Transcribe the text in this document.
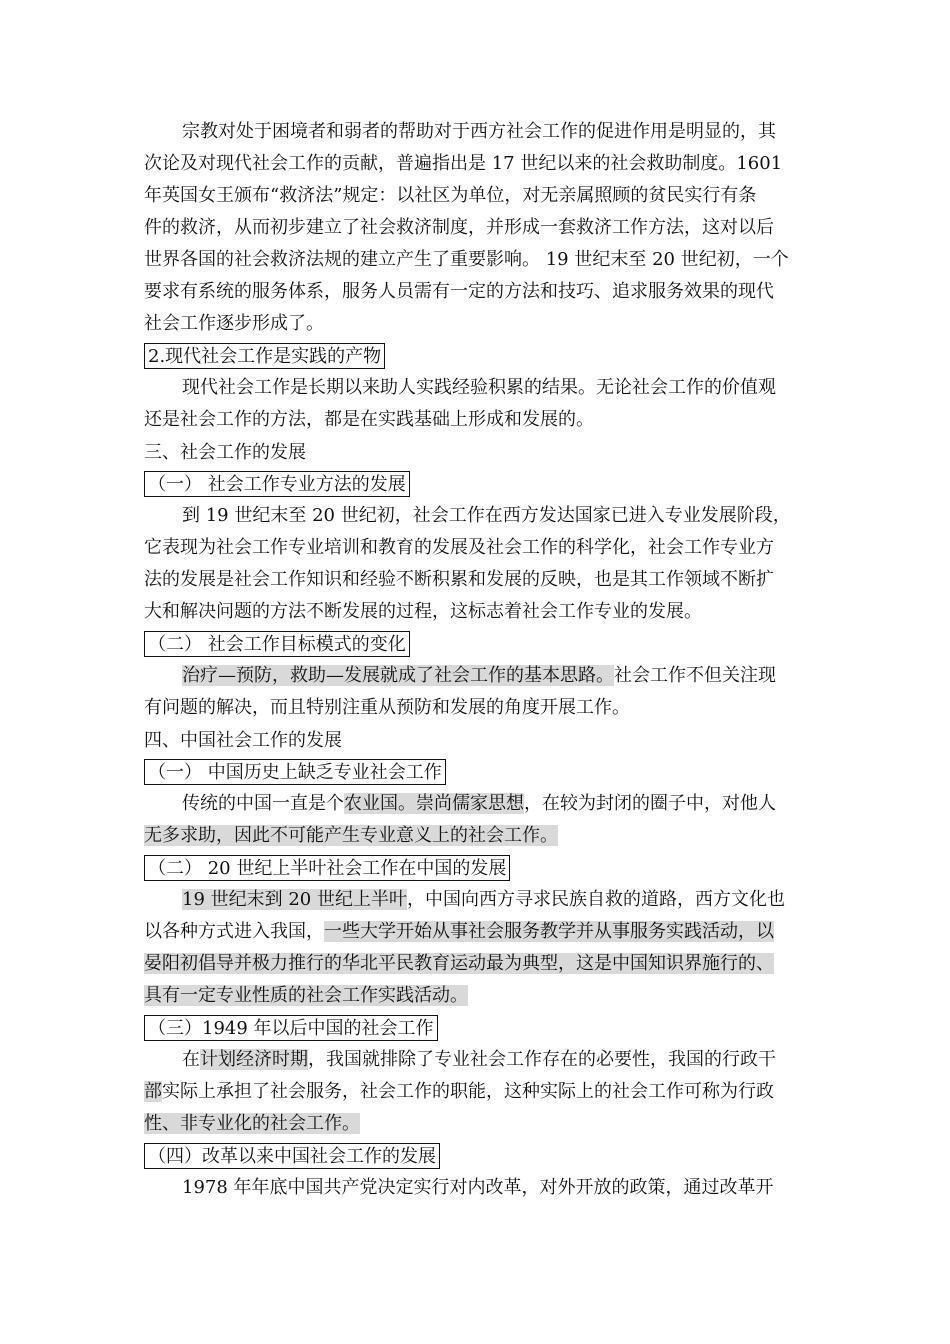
宗教对处于困境者和弱者的帮助对于西方社会工作的促进作用是明显的，其
次论及对现代社会工作的贡献，普遍指出是 17 世纪以来的社会救助制度。1601
年英国女王颁布“救济法”规定：以社区为单位，对无亲属照顾的贫民实行有条
件的救济，从而初步建立了社会救济制度，并形成一套救济工作方法，这对以后
世界各国的社会救济法规的建立产生了重要影响。 19 世纪末至 20 世纪初，一个
要求有系统的服务体系，服务人员需有一定的方法和技巧、追求服务效果的现代
社会工作逐步形成了。
2.现代社会工作是实践的产物
现代社会工作是长期以来助人实践经验积累的结果。无论社会工作的价值观
还是社会工作的方法，都是在实践基础上形成和发展的。
三、社会工作的发展
（一） 社会工作专业方法的发展
到 19 世纪末至 20 世纪初，社会工作在西方发达国家已进入专业发展阶段，
它表现为社会工作专业培训和教育的发展及社会工作的科学化，社会工作专业方
法的发展是社会工作知识和经验不断积累和发展的反映，也是其工作领域不断扩
大和解决问题的方法不断发展的过程，这标志着社会工作专业的发展。
（二） 社会工作目标模式的变化
治疗—预防，救助—发展就成了社会工作的基本思路。社会工作不但关注现
有问题的解决，而且特别注重从预防和发展的角度开展工作。
四、中国社会工作的发展
（一） 中国历史上缺乏专业社会工作
传统的中国一直是个农业国。崇尚儒家思想，在较为封闭的圈子中，对他人
无多求助，因此不可能产生专业意义上的社会工作。
（二） 20 世纪上半叶社会工作在中国的发展
19 世纪末到 20 世纪上半叶，中国向西方寻求民族自救的道路，西方文化也
以各种方式进入我国，一些大学开始从事社会服务教学并从事服务实践活动，以
晏阳初倡导并极力推行的华北平民教育运动最为典型，这是中国知识界施行的、
具有一定专业性质的社会工作实践活动。
（三）1949 年以后中国的社会工作
在计划经济时期，我国就排除了专业社会工作存在的必要性，我国的行政干
部实际上承担了社会服务，社会工作的职能，这种实际上的社会工作可称为行政
性、非专业化的社会工作。
（四）改革以来中国社会工作的发展
1978 年年底中国共产党决定实行对内改革，对外开放的政策，通过改革开
